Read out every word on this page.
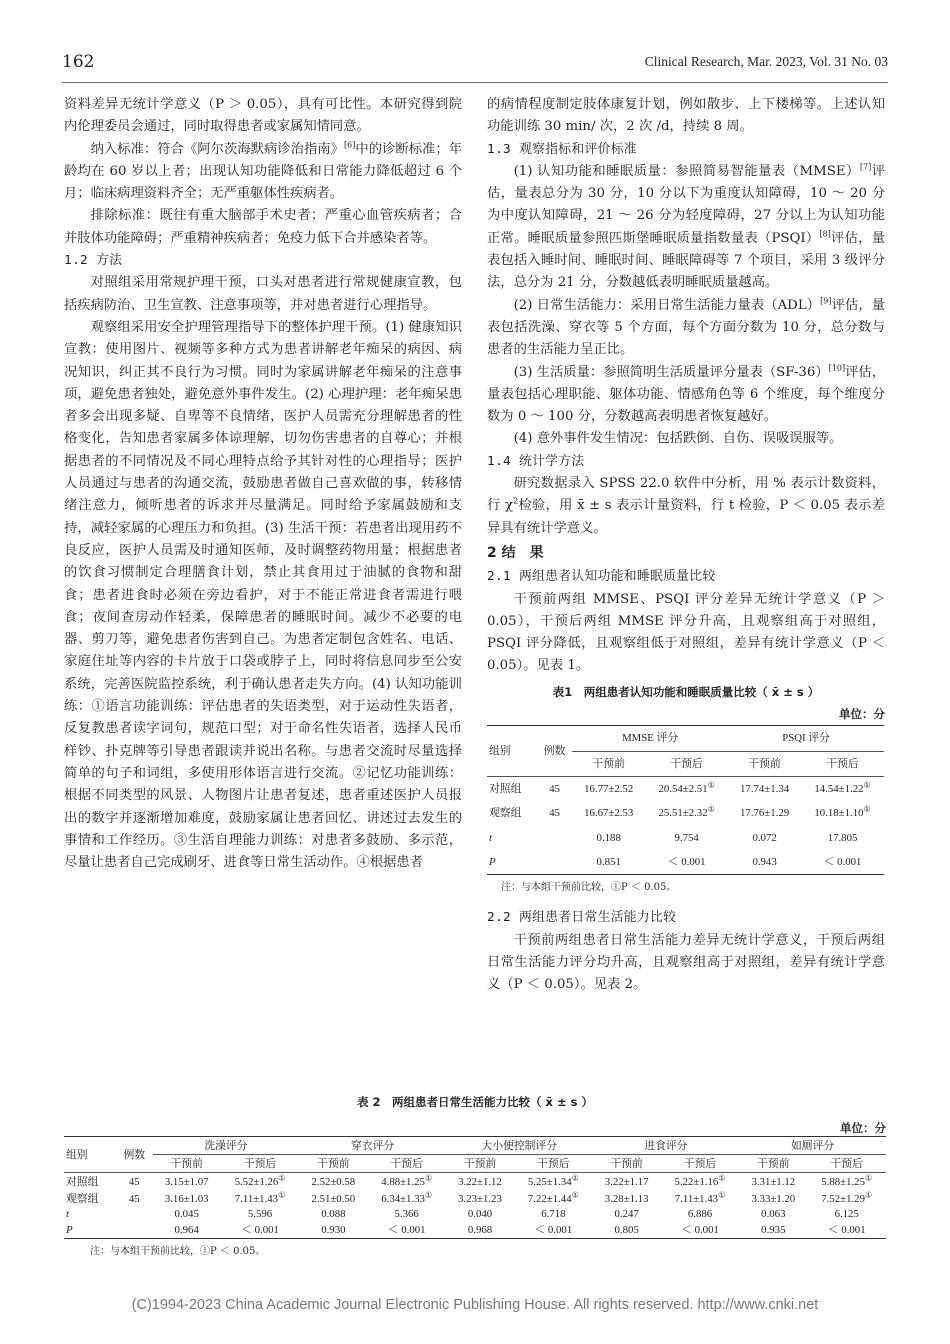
162	Clinical Research, Mar. 2023, Vol. 31 No. 03

资料差异无统计学意义（P ＞ 0.05），具有可比性。本研究得到院内伦理委员会通过，同时取得患者或家属知情同意。

纳入标准：符合《阿尔茨海默病诊治指南》[6]中的诊断标准；年龄均在 60 岁以上者；出现认知功能降低和日常能力降低超过 6 个月；临床病理资料齐全；无严重躯体性疾病者。

排除标准：既往有重大脑部手术史者；严重心血管疾病者；合并肢体功能障碍；严重精神疾病者；免疫力低下合并感染者等。

1.2 方法

对照组采用常规护理干预，口头对患者进行常规健康宣教，包括疾病防治、卫生宣教、注意事项等，并对患者进行心理指导。

观察组采用安全护理管理指导下的整体护理干预。(1) 健康知识宣教：使用图片、视频等多种方式为患者讲解老年痴呆的病因、病况知识，纠正其不良行为习惯。同时为家属讲解老年痴呆的注意事项，避免患者独处，避免意外事件发生。(2) 心理护理：老年痴呆患者多会出现多疑、自卑等不良情绪，医护人员需充分理解患者的性格变化，告知患者家属多体谅理解，切勿伤害患者的自尊心；并根据患者的不同情况及不同心理特点给予其针对性的心理指导；医护人员通过与患者的沟通交流，鼓励患者做自己喜欢做的事，转移情绪注意力，倾听患者的诉求并尽量满足。同时给予家属鼓励和支持，减轻家属的心理压力和负担。(3) 生活干预：若患者出现用药不良反应，医护人员需及时通知医师，及时调整药物用量；根据患者的饮食习惯制定合理膳食计划，禁止其食用过于油腻的食物和甜食；患者进食时必须在旁边看护，对于不能正常进食者需进行喂食；夜间查房动作轻柔，保障患者的睡眠时间。减少不必要的电器、剪刀等，避免患者伤害到自己。为患者定制包含姓名、电话、家庭住址等内容的卡片放于口袋或脖子上，同时将信息同步至公安系统，完善医院监控系统，利于确认患者走失方向。(4) 认知功能训练：①语言功能训练：评估患者的失语类型，对于运动性失语者，反复教患者读字词句，规范口型；对于命名性失语者，选择人民币样钞、扑克牌等引导患者跟读并说出名称。与患者交流时尽量选择简单的句子和词组，多使用形体语言进行交流。②记忆功能训练：根据不同类型的风景、人物图片让患者复述，患者重述医护人员报出的数字并逐渐增加难度，鼓励家属让患者回忆、讲述过去发生的事情和工作经历。③生活自理能力训练：对患者多鼓励、多示范，尽量让患者自己完成刷牙、进食等日常生活动作。④根据患者

的病情程度制定肢体康复计划，例如散步、上下楼梯等。上述认知功能训练 30 min/ 次，2 次 /d，持续 8 周。

1.3 观察指标和评价标准

(1) 认知功能和睡眠质量：参照简易智能量表（MMSE）[7]评估，量表总分为 30 分，10 分以下为重度认知障碍，10 ～ 20 分为中度认知障碍，21 ～ 26 分为轻度障碍，27 分以上为认知功能正常。睡眠质量参照匹斯堡睡眠质量指数量表（PSQI）[8]评估，量表包括入睡时间、睡眠时间、睡眠障碍等 7 个项目，采用 3 级评分法，总分为 21 分，分数越低表明睡眠质量越高。

(2) 日常生活能力：采用日常生活能力量表（ADL）[9]评估，量表包括洗澡、穿衣等 5 个方面，每个方面分数为 10 分，总分数与患者的生活能力呈正比。

(3) 生活质量：参照简明生活质量评分量表（SF-36）[10]评估，量表包括心理职能、躯体功能、情感角色等 6 个维度，每个维度分数为 0 ～ 100 分，分数越高表明患者恢复越好。

(4) 意外事件发生情况：包括跌倒、自伤、误吸误服等。

1.4 统计学方法

研究数据录入 SPSS 22.0 软件中分析，用 % 表示计数资料，行 $\chi^2$检验，用 x̄ ± s 表示计量资料，行 t 检验，P ＜ 0.05 表示差异具有统计学意义。

2 结　果

2.1 两组患者认知功能和睡眠质量比较

干预前两组 MMSE、PSQI 评分差异无统计学意义（P ＞ 0.05），干预后两组 MMSE 评分升高，且观察组高于对照组，PSQI 评分降低，且观察组低于对照组，差异有统计学意义（P ＜ 0.05）。见表 1。

表1　两组患者认知功能和睡眠质量比较（ x̄ ± s ）
单位：分
组别	例数	MMSE 评分		PSQI 评分	
		干预前	干预后	干预前	干预后
对照组	45	16.77±2.52	20.54±2.51①	17.74±1.34	14.54±1.22①
观察组	45	16.67±2.53	25.51±2.32①	17.76±1.29	10.18±1.10①
t		0.188	9.754	0.072	17.805
P		0.851	＜ 0.001	0.943	＜ 0.001
注：与本组干预前比较，①P ＜ 0.05。

2.2 两组患者日常生活能力比较

干预前两组患者日常生活能力差异无统计学意义，干预后两组日常生活能力评分均升高，且观察组高于对照组，差异有统计学意义（P ＜ 0.05）。见表 2。

表 2　两组患者日常生活能力比较（ x̄ ± s ）
单位：分
组别	例数	洗澡评分		穿衣评分		大小便控制评分		进食评分		如厕评分	
		干预前	干预后	干预前	干预后	干预前	干预后	干预前	干预后	干预前	干预后
对照组	45	3.15±1.07	5.52±1.26①	2.52±0.58	4.88±1.25①	3.22±1.12	5.25±1.34①	3.22±1.17	5.22±1.16①	3.31±1.12	5.88±1.25①
观察组	45	3.16±1.03	7.11±1.43①	2.51±0.50	6.34±1.33①	3.23±1.23	7.22±1.44①	3.28±1.13	7.11±1.43①	3.33±1.20	7.52±1.29①
t		0.045	5.596	0.088	5.366	0.040	6.718	0.247	6.886	0.063	6.125
P		0.964	＜ 0.001	0.930	＜ 0.001	0.968	＜ 0.001	0.805	＜ 0.001	0.935	＜ 0.001
注：与本组干预前比较，①P ＜ 0.05。
(C)1994-2023 China Academic Journal Electronic Publishing House. All rights reserved. http://www.cnki.net
